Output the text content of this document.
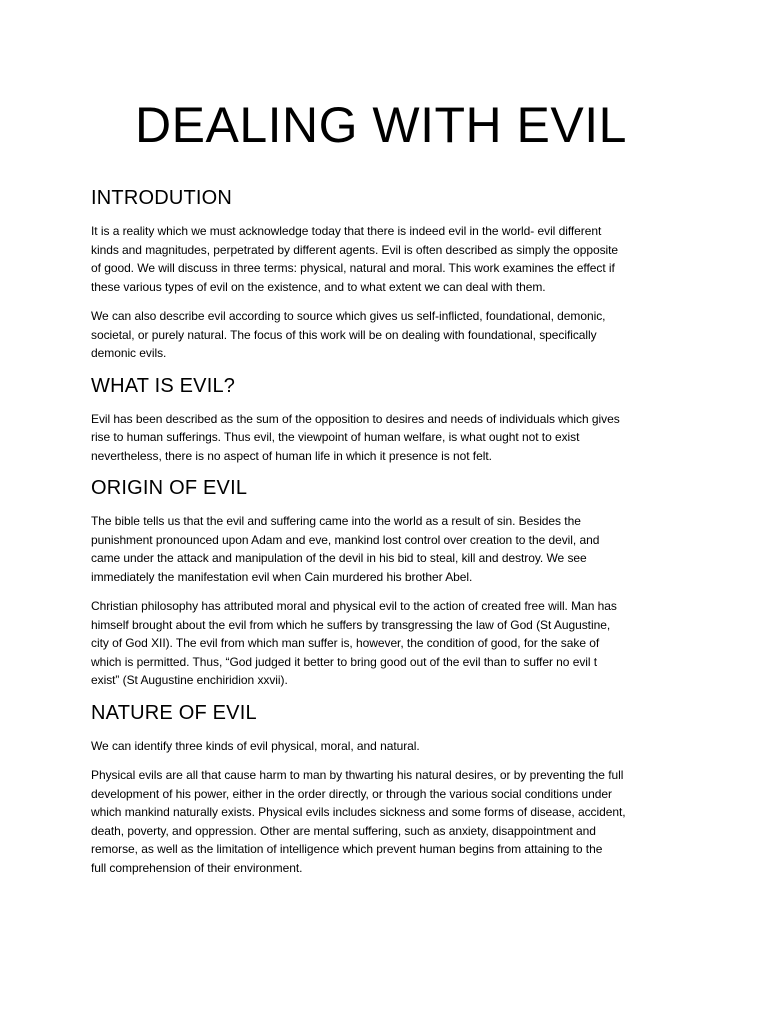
DEALING WITH EVIL
INTRODUTION

It is a reality which we must acknowledge today that there is indeed evil in the world- evil different
kinds and magnitudes, perpetrated by different agents. Evil is often described as simply the opposite
of good. We will discuss in three terms: physical, natural and moral. This work examines the effect if
these various types of evil on the existence, and to what extent we can deal with them.

We can also describe evil according to source which gives us self-inflicted, foundational, demonic,
societal, or purely natural. The focus of this work will be on dealing with foundational, specifically
demonic evils.

WHAT IS EVIL?

Evil has been described as the sum of the opposition to desires and needs of individuals which gives
rise to human sufferings. Thus evil, the viewpoint of human welfare, is what ought not to exist
nevertheless, there is no aspect of human life in which it presence is not felt.

ORIGIN OF EVIL

The bible tells us that the evil and suffering came into the world as a result of sin. Besides the
punishment pronounced upon Adam and eve, mankind lost control over creation to the devil, and
came under the attack and manipulation of the devil in his bid to steal, kill and destroy. We see
immediately the manifestation evil when Cain murdered his brother Abel.

Christian philosophy has attributed moral and physical evil to the action of created free will. Man has
himself brought about the evil from which he suffers by transgressing the law of God (St Augustine,
city of God XII). The evil from which man suffer is, however, the condition of good, for the sake of
which is permitted. Thus, “God judged it better to bring good out of the evil than to suffer no evil t
exist” (St Augustine enchiridion xxvii).

NATURE OF EVIL

We can identify three kinds of evil physical, moral, and natural.

Physical evils are all that cause harm to man by thwarting his natural desires, or by preventing the full
development of his power, either in the order directly, or through the various social conditions under
which mankind naturally exists. Physical evils includes sickness and some forms of disease, accident,
death, poverty, and oppression. Other are mental suffering, such as anxiety, disappointment and
remorse, as well as the limitation of intelligence which prevent human begins from attaining to the
full comprehension of their environment.
